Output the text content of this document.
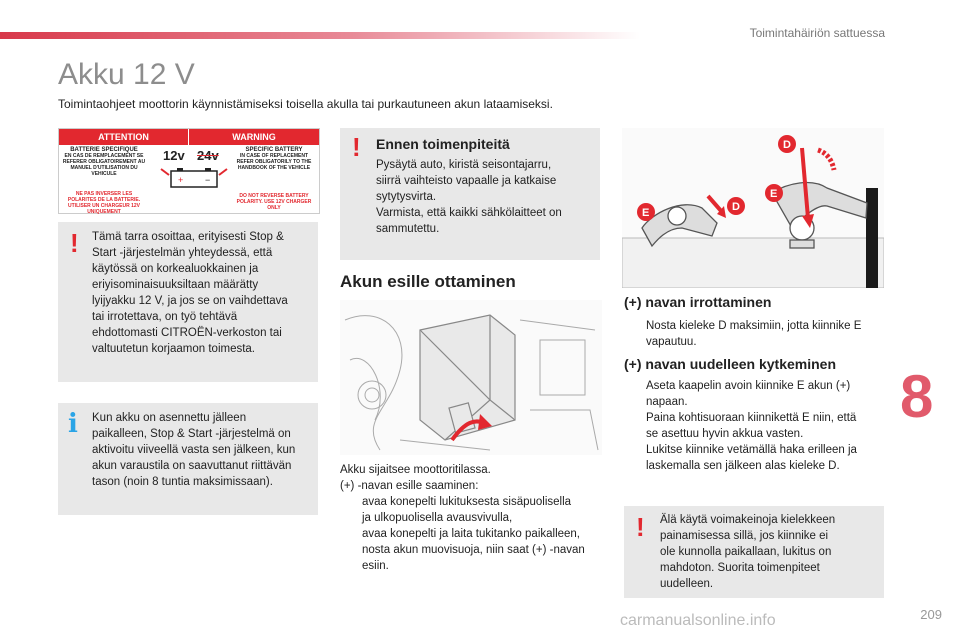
Toimintahäiriön sattuessa
Akku 12 V
Toimintaohjeet moottorin käynnistämiseksi toisella akulla tai purkautuneen akun lataamiseksi.
ATTENTION	WARNING
BATTERIE SPECIFIQUE
EN CAS DE REMPLACEMENT SE REFERER OBLIGATOIREMENT AU MANUEL D'UTILISATION DU VEHICULE
SPECIFIC BATTERY
IN CASE OF REPLACEMENT REFER OBLIGATORILY TO THE HANDBOOK OF THE VEHICLE
12v 24v
+ −
NE PAS INVERSER LES POLARITES DE LA BATTERIE. UTILISER UN CHARGEUR 12V UNIQUEMENT
DO NOT REVERSE BATTERY POLARITY. USE 12V CHARGER ONLY
! Tämä tarra osoittaa, erityisesti Stop &
Start -järjestelmän yhteydessä, että
käytössä on korkealuokkainen ja
eriyisominaisuuksiltaan määrätty
lyijyakku 12 V, ja jos se on vaihdettava
tai irrotettava, on työ tehtävä
ehdottomasti CITROËN-verkoston tai
valtuutetun korjaamon toimesta.
i Kun akku on asennettu jälleen
paikalleen, Stop & Start -järjestelmä on
aktivoitu viiveellä vasta sen jälkeen, kun
akun varaustila on saavuttanut riittävän
tason (noin 8 tuntia maksimissaan).
! Ennen toimenpiteitä
Pysäytä auto, kiristä seisontajarru,
siirrä vaihteisto vapaalle ja katkaise
sytytysvirta.
Varmista, että kaikki sähkölaitteet on
sammutettu.
Akun esille ottaminen
Akku sijaitsee moottoritilassa.
(+) -navan esille saaminen:
avaa konepelti lukituksesta sisäpuolisella
ja ulkopuolisella avausvivulla,
avaa konepelti ja laita tukitanko paikalleen,
nosta akun muovisuoja, niin saat (+) -navan
esiin.
E	D
D
E
(+) navan irrottaminen
Nosta kieleke D maksimiin, jotta kiinnike E
vapautuu.
(+) navan uudelleen kytkeminen
Aseta kaapelin avoin kiinnike E akun (+)
napaan.
Paina kohtisuoraan kiinnikettä E niin, että
se asettuu hyvin akkua vasten.
Lukitse kiinnike vetämällä haka erilleen ja
laskemalla sen jälkeen alas kieleke D.
! Älä käytä voimakeinoja kielekkeen
painamisessa sillä, jos kiinnike ei
ole kunnolla paikallaan, lukitus on
mahdoton. Suorita toimenpiteet
uudelleen.
8
carmanualsonline.info	209
